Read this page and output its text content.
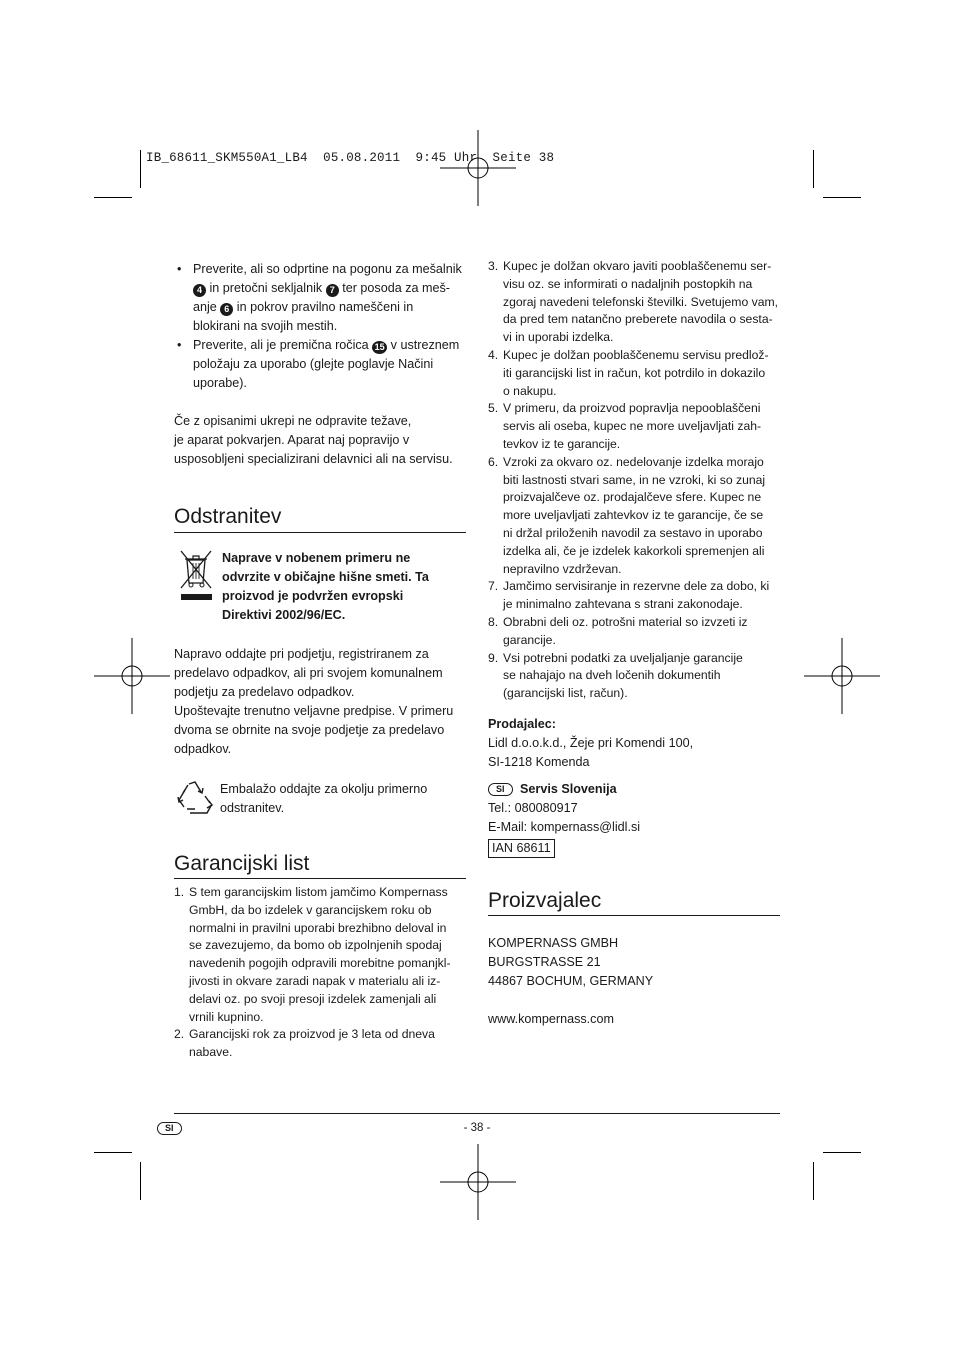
IB_68611_SKM550A1_LB4  05.08.2011  9:45 Uhr  Seite 38
• Preverite, ali so odprtine na pogonu za mešalnik
4 in pretočni sekljalnik 7 ter posoda za meš-
anje 6 in pokrov pravilno nameščeni in
blokirani na svojih mestih.
• Preverite, ali je premična ročica 15 v ustreznem
položaju za uporabo (glejte poglavje Načini
uporabe).
Če z opisanimi ukrepi ne odpravite težave,
je aparat pokvarjen. Aparat naj popravijo v
usposobljeni specializirani delavnici ali na servisu.
Odstranitev
Naprave v nobenem primeru ne
odvrzite v običajne hišne smeti. Ta
proizvod je podvržen evropski
Direktivi 2002/96/EC.
Napravo oddajte pri podjetju, registriranem za
predelavo odpadkov, ali pri svojem komunalnem
podjetju za predelavo odpadkov.
Upoštevajte trenutno veljavne predpise. V primeru
dvoma se obrnite na svoje podjetje za predelavo
odpadkov.
Embalažo oddajte za okolju primerno
odstranitev.
Garancijski list
1. S tem garancijskim listom jamčimo Kompernass
GmbH, da bo izdelek v garancijskem roku ob
normalni in pravilni uporabi brezhibno deloval in
se zavezujemo, da bomo ob izpolnjenih spodaj
navedenih pogojih odpravili morebitne pomanjkl-
jivosti in okvare zaradi napak v materialu ali iz-
delavi oz. po svoji presoji izdelek zamenjali ali
vrnili kupnino.
2. Garancijski rok za proizvod je 3 leta od dneva
nabave.
3. Kupec je dolžan okvaro javiti pooblaščenemu ser-
visu oz. se informirati o nadaljnih postopkih na
zgoraj navedeni telefonski številki. Svetujemo vam,
da pred tem natančno preberete navodila o sesta-
vi in uporabi izdelka.
4. Kupec je dolžan pooblaščenemu servisu predlož-
iti garancijski list in račun, kot potrdilo in dokazilo
o nakupu.
5. V primeru, da proizvod popravlja nepooblaščeni
servis ali oseba, kupec ne more uveljavljati zah-
tevkov iz te garancije.
6. Vzroki za okvaro oz. nedelovanje izdelka morajo
biti lastnosti stvari same, in ne vzroki, ki so zunaj
proizvajalčeve oz. prodajalčeve sfere. Kupec ne
more uveljavljati zahtevkov iz te garancije, če se
ni držal priloženih navodil za sestavo in uporabo
izdelka ali, če je izdelek kakorkoli spremenjen ali
nepravilno vzdrževan.
7. Jamčimo servisiranje in rezervne dele za dobo, ki
je minimalno zahtevana s strani zakonodaje.
8. Obrabni deli oz. potrošni material so izvzeti iz
garancije.
9. Vsi potrebni podatki za uveljaljanje garancije
se nahajajo na dveh ločenih dokumentih
(garancijski list, račun).
Prodajalec:
Lidl d.o.o.k.d., Žeje pri Komendi 100,
SI-1218 Komenda
SI Servis Slovenija
Tel.: 080080917
E-Mail: kompernass@lidl.si
IAN 68611
Proizvajalec
KOMPERNASS GMBH
BURGSTRASSE 21
44867 BOCHUM, GERMANY
www.kompernass.com
SI	- 38 -
